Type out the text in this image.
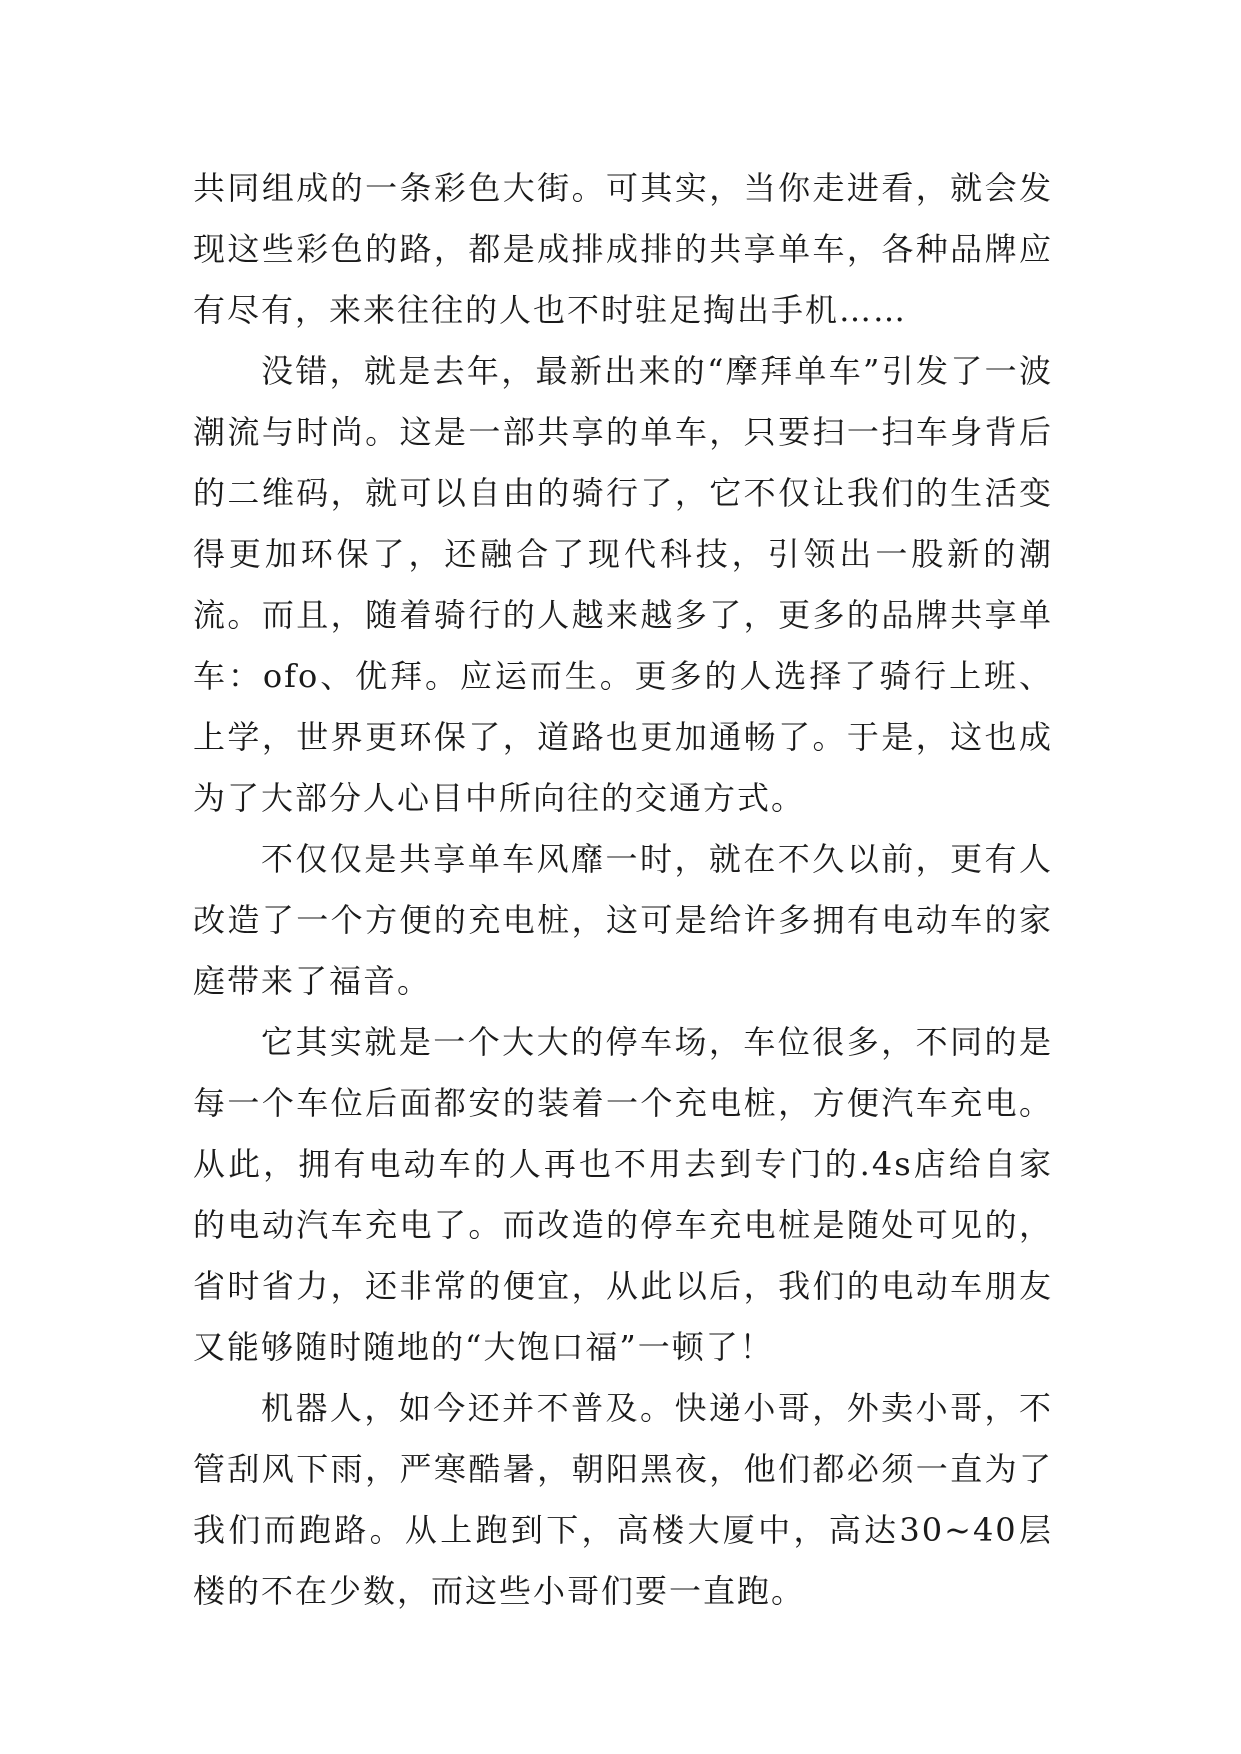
共同组成的一条彩色大街。可其实，当你走进看，就会发现这些彩色的路，都是成排成排的共享单车，各种品牌应有尽有，来来往往的人也不时驻足掏出手机……

没错，就是去年，最新出来的“摩拜单车”引发了一波潮流与时尚。这是一部共享的单车，只要扫一扫车身背后的二维码，就可以自由的骑行了，它不仅让我们的生活变得更加环保了，还融合了现代科技，引领出一股新的潮流。而且，随着骑行的人越来越多了，更多的品牌共享单车：ofo、优拜。应运而生。更多的人选择了骑行上班、上学，世界更环保了，道路也更加通畅了。于是，这也成为了大部分人心目中所向往的交通方式。

不仅仅是共享单车风靡一时，就在不久以前，更有人改造了一个方便的充电桩，这可是给许多拥有电动车的家庭带来了福音。

它其实就是一个大大的停车场，车位很多，不同的是每一个车位后面都安的装着一个充电桩，方便汽车充电。从此，拥有电动车的人再也不用去到专门的.4s店给自家的电动汽车充电了。而改造的停车充电桩是随处可见的，省时省力，还非常的便宜，从此以后，我们的电动车朋友又能够随时随地的“大饱口福”一顿了！

机器人，如今还并不普及。快递小哥，外卖小哥，不管刮风下雨，严寒酷暑，朝阳黑夜，他们都必须一直为了我们而跑路。从上跑到下，高楼大厦中，高达30~40层楼的不在少数，而这些小哥们要一直跑。
